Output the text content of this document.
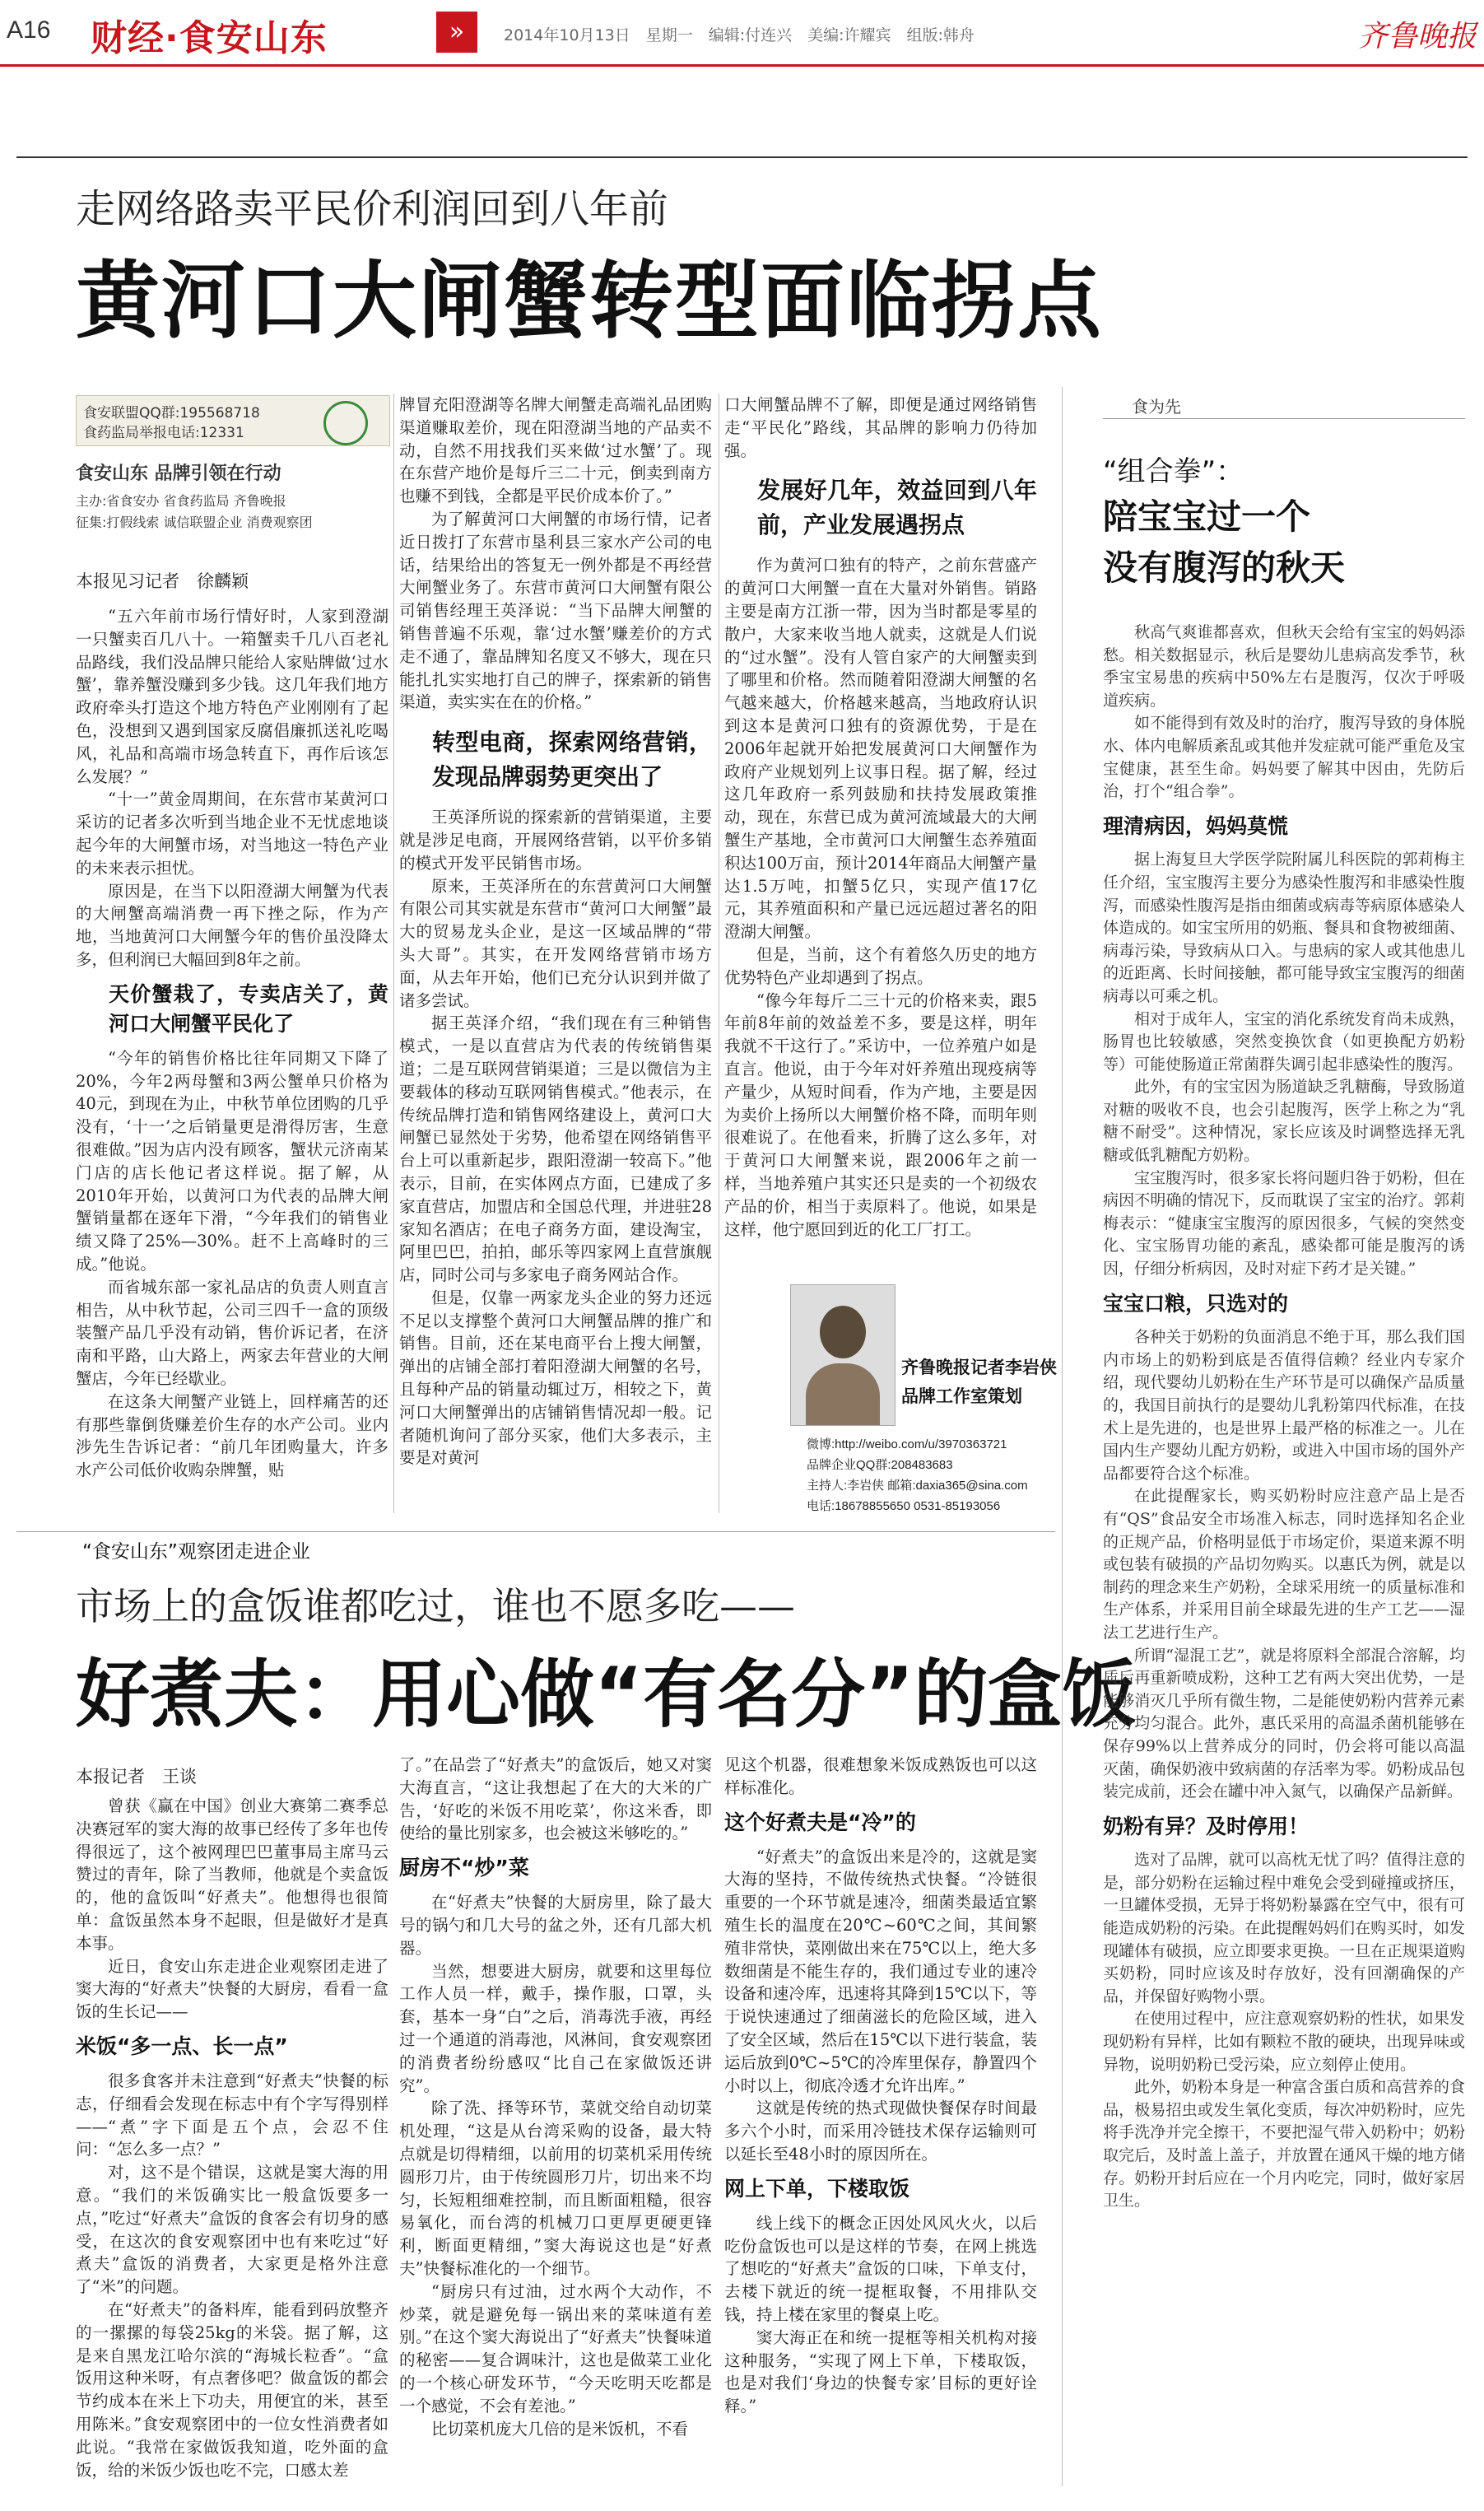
A16 财经·食安山东	»	2014年10月13日　星期一　编辑:付连兴　美编:许耀宾　组版:韩舟	齐鲁晚报
走网络路卖平民价利润回到八年前
黄河口大闸蟹转型面临拐点
食安联盟QQ群:195568718
食药监局举报电话:12331
食安山东 品牌引领在行动
主办:省食安办 省食药监局 齐鲁晚报
征集:打假线索 诚信联盟企业 消费观察团
本报见习记者　徐麟颖

“五六年前市场行情好时，人家到澄湖一只蟹卖百几八十。一箱蟹卖千几八百老礼品路线，我们没品牌只能给人家贴牌做‘过水蟹’，靠养蟹没赚到多少钱。这几年我们地方政府牵头打造这个地方特色产业刚刚有了起色，没想到又遇到国家反腐倡廉抓送礼吃喝风，礼品和高端市场急转直下，再作后该怎么发展？”

“十一”黄金周期间，在东营市某黄河口采访的记者多次听到当地企业不无忧虑地谈起今年的大闸蟹市场，对当地这一特色产业的未来表示担忧。

原因是，在当下以阳澄湖大闸蟹为代表的大闸蟹高端消费一再下挫之际，作为产地，当地黄河口大闸蟹今年的售价虽没降太多，但利润已大幅回到8年之前。

天价蟹栽了，专卖店关了，黄河口大闸蟹平民化了

“今年的销售价格比往年同期又下降了20%，今年2两母蟹和3两公蟹单只价格为40元，到现在为止，中秋节单位团购的几乎没有，‘十一’之后销量更是滑得厉害，生意很难做。”因为店内没有顾客，蟹状元济南某门店的店长他记者这样说。据了解，从2010年开始，以黄河口为代表的品牌大闸蟹销量都在逐年下滑，“今年我们的销售业绩又降了25%—30%。赶不上高峰时的三成。”他说。

而省城东部一家礼品店的负责人则直言相告，从中秋节起，公司三四千一盒的顶级装蟹产品几乎没有动销，售价诉记者，在济南和平路，山大路上，两家去年营业的大闸蟹店，今年已经歇业。

在这条大闸蟹产业链上，回样痛苦的还有那些靠倒货赚差价生存的水产公司。业内涉先生告诉记者：“前几年团购量大，许多水产公司低价收购杂牌蟹，贴

牌冒充阳澄湖等名牌大闸蟹走高端礼品团购渠道赚取差价，现在阳澄湖当地的产品卖不动，自然不用找我们买来做‘过水蟹’了。现在东营产地价是每斤三二十元，倒卖到南方也赚不到钱，全都是平民价成本价了。”

为了解黄河口大闸蟹的市场行情，记者近日拨打了东营市垦利县三家水产公司的电话，结果给出的答复无一例外都是不再经营大闸蟹业务了。东营市黄河口大闸蟹有限公司销售经理王英泽说：“当下品牌大闸蟹的销售普遍不乐观，靠‘过水蟹’赚差价的方式走不通了，靠品牌知名度又不够大，现在只能扎扎实实地打自己的牌子，探索新的销售渠道，卖实实在在的价格。”

转型电商，探索网络营销，发现品牌弱势更突出了

王英泽所说的探索新的营销渠道，主要就是涉足电商，开展网络营销，以平价多销的模式开发平民销售市场。

原来，王英泽所在的东营黄河口大闸蟹有限公司其实就是东营市“黄河口大闸蟹”最大的贸易龙头企业，是这一区域品牌的“带头大哥”。其实，在开发网络营销市场方面，从去年开始，他们已充分认识到并做了诸多尝试。

据王英泽介绍，“我们现在有三种销售模式，一是以直营店为代表的传统销售渠道；二是互联网营销渠道；三是以微信为主要载体的移动互联网销售模式。”他表示，在传统品牌打造和销售网络建设上，黄河口大闸蟹已显然处于劣势，他希望在网络销售平台上可以重新起步，跟阳澄湖一较高下。”他表示，目前，在实体网点方面，已建成了多家直营店，加盟店和全国总代理，并进驻28家知名酒店；在电子商务方面，建设淘宝，阿里巴巴，拍拍，邮乐等四家网上直营旗舰店，同时公司与多家电子商务网站合作。

但是，仅靠一两家龙头企业的努力还远不足以支撑整个黄河口大闸蟹品牌的推广和销售。目前，还在某电商平台上搜大闸蟹，弹出的店铺全部打着阳澄湖大闸蟹的名号，且每种产品的销量动辄过万，相较之下，黄河口大闸蟹弹出的店铺销售情况却一般。记者随机询问了部分买家，他们大多表示，主要是对黄河

口大闸蟹品牌不了解，即便是通过网络销售走“平民化”路线，其品牌的影响力仍待加强。

发展好几年，效益回到八年前，产业发展遇拐点

作为黄河口独有的特产，之前东营盛产的黄河口大闸蟹一直在大量对外销售。销路主要是南方江浙一带，因为当时都是零星的散户，大家来收当地人就卖，这就是人们说的“过水蟹”。没有人管自家产的大闸蟹卖到了哪里和价格。然而随着阳澄湖大闸蟹的名气越来越大，价格越来越高，当地政府认识到这本是黄河口独有的资源优势，于是在2006年起就开始把发展黄河口大闸蟹作为政府产业规划列上议事日程。据了解，经过这几年政府一系列鼓励和扶持发展政策推动，现在，东营已成为黄河流域最大的大闸蟹生产基地，全市黄河口大闸蟹生态养殖面积达100万亩，预计2014年商品大闸蟹产量达1.5万吨，扣蟹5亿只，实现产值17亿元，其养殖面积和产量已远远超过著名的阳澄湖大闸蟹。

但是，当前，这个有着悠久历史的地方优势特色产业却遇到了拐点。

“像今年每斤二三十元的价格来卖，跟5年前8年前的效益差不多，要是这样，明年我就不干这行了。”采访中，一位养殖户如是直言。他说，由于今年对奸养殖出现疫病等产量少，从短时间看，作为产地，主要是因为卖价上扬所以大闸蟹价格不降，而明年则很难说了。在他看来，折腾了这么多年，对于黄河口大闸蟹来说，跟2006年之前一样，当地养殖户其实还只是卖的一个初级农产品的价，相当于卖原料了。他说，如果是这样，他宁愿回到近的化工厂打工。

齐鲁晚报记者李岩侠
品牌工作室策划
微博:http://weibo.com/u/3970363721
品牌企业QQ群:208483683
主持人:李岩侠 邮箱:daxia365@sina.com
电话:18678855650 0531-85193056
“食安山东”观察团走进企业
市场上的盒饭谁都吃过，谁也不愿多吃——
好煮夫：用心做“有名分”的盒饭
本报记者　王谈

曾获《赢在中国》创业大赛第二赛季总决赛冠军的窦大海的故事已经传了多年也传得很远了，这个被网理巴巴董事局主席马云赞过的青年，除了当教师，他就是个卖盒饭的，他的盒饭叫“好煮夫”。他想得也很简单：盒饭虽然本身不起眼，但是做好才是真本事。

近日，食安山东走进企业观察团走进了窦大海的“好煮夫”快餐的大厨房，看看一盒饭的生长记——

米饭“多一点、长一点”

很多食客并未注意到“好煮夫”快餐的标志，仔细看会发现在标志中有个字写得别样——“煮”字下面是五个点，会忍不住问：“怎么多一点？”

对，这不是个错误，这就是窦大海的用意。“我们的米饭确实比一般盒饭要多一点，”吃过“好煮夫”盒饭的食客会有切身的感受，在这次的食安观察团中也有来吃过“好煮夫”盒饭的消费者，大家更是格外注意了“米”的问题。

在“好煮夫”的备料库，能看到码放整齐的一摞摞的每袋25kg的米袋。据了解，这是来自黑龙江哈尔滨的“海城长粒香”。“盒饭用这种米呀，有点奢侈吧？做盒饭的都会节约成本在米上下功夫，用便宜的米，甚至用陈米。”食安观察团中的一位女性消费者如此说。“我常在家做饭我知道，吃外面的盒饭，给的米饭少饭也吃不完，口感太差

了。”在品尝了“好煮夫”的盒饭后，她又对窦大海直言，“这让我想起了在大的大米的广告，‘好吃的米饭不用吃菜’，你这米香，即使给的量比别家多，也会被这米够吃的。”

厨房不“炒”菜

在“好煮夫”快餐的大厨房里，除了最大号的锅勺和几大号的盆之外，还有几部大机器。

当然，想要进大厨房，就要和这里每位工作人员一样，戴手，操作服，口罩，头套，基本一身“白”之后，消毒洗手液，再经过一个通道的消毒池，风淋间，食安观察团的消费者纷纷感叹“比自己在家做饭还讲究”。

除了洗、择等环节，菜就交给自动切菜机处理，“这是从台湾采购的设备，最大特点就是切得精细，以前用的切菜机采用传统圆形刀片，由于传统圆形刀片，切出来不均匀，长短粗细难控制，而且断面粗糙，很容易氧化，而台湾的机械刀口更厚更硬更锋利，断面更精细，”窦大海说这也是“好煮夫”快餐标准化的一个细节。

“厨房只有过油，过水两个大动作，不炒菜，就是避免每一锅出来的菜味道有差别。”在这个窦大海说出了“好煮夫”快餐味道的秘密——复合调味汁，这也是做菜工业化的一个核心研发环节，“今天吃明天吃都是一个感觉，不会有差池。”

比切菜机庞大几倍的是米饭机，不看

见这个机器，很难想象米饭成熟饭也可以这样标准化。

这个好煮夫是“冷”的

“好煮夫”的盒饭出来是冷的，这就是窦大海的坚持，不做传统热式快餐。“冷链很重要的一个环节就是速冷，细菌类最适宜繁殖生长的温度在20℃~60℃之间，其间繁殖非常快，菜刚做出来在75℃以上，绝大多数细菌是不能生存的，我们通过专业的速冷设备和速冷库，迅速将其降到15℃以下，等于说快速通过了细菌滋长的危险区域，进入了安全区域，然后在15℃以下进行装盒，装运后放到0℃~5℃的冷库里保存，静置四个小时以上，彻底冷透才允许出库。”

这就是传统的热式现做快餐保存时间最多六个小时，而采用冷链技术保存运输则可以延长至48小时的原因所在。

网上下单，下楼取饭

线上线下的概念正因处风风火火，以后吃份盒饭也可以是这样的节奏，在网上挑选了想吃的“好煮夫”盒饭的口味，下单支付，去楼下就近的统一提框取餐，不用排队交钱，持上楼在家里的餐桌上吃。

窦大海正在和统一提框等相关机构对接这种服务，“实现了网上下单，下楼取饭，也是对我们‘身边的快餐专家’目标的更好诠释。”

食为先
“组合拳”：
陪宝宝过一个
没有腹泻的秋天

秋高气爽谁都喜欢，但秋天会给有宝宝的妈妈添愁。相关数据显示，秋后是婴幼儿患病高发季节，秋季宝宝易患的疾病中50%左右是腹泻，仅次于呼吸道疾病。

如不能得到有效及时的治疗，腹泻导致的身体脱水、体内电解质紊乱或其他并发症就可能严重危及宝宝健康，甚至生命。妈妈要了解其中因由，先防后治，打个“组合拳”。

理清病因，妈妈莫慌

据上海复旦大学医学院附属儿科医院的郭莉梅主任介绍，宝宝腹泻主要分为感染性腹泻和非感染性腹泻，而感染性腹泻是指由细菌或病毒等病原体感染人体造成的。如宝宝所用的奶瓶、餐具和食物被细菌、病毒污染，导致病从口入。与患病的家人或其他患儿的近距离、长时间接触，都可能导致宝宝腹泻的细菌病毒以可乘之机。

相对于成年人，宝宝的消化系统发育尚未成熟，肠胃也比较敏感，突然变换饮食（如更换配方奶粉等）可能使肠道正常菌群失调引起非感染性的腹泻。

此外，有的宝宝因为肠道缺乏乳糖酶，导致肠道对糖的吸收不良，也会引起腹泻，医学上称之为“乳糖不耐受”。这种情况，家长应该及时调整选择无乳糖或低乳糖配方奶粉。

宝宝腹泻时，很多家长将问题归咎于奶粉，但在病因不明确的情况下，反而耽误了宝宝的治疗。郭莉梅表示：“健康宝宝腹泻的原因很多，气候的突然变化、宝宝肠胃功能的紊乱，感染都可能是腹泻的诱因，仔细分析病因，及时对症下药才是关键。”

宝宝口粮，只选对的

各种关于奶粉的负面消息不绝于耳，那么我们国内市场上的奶粉到底是否值得信赖？经业内专家介绍，现代婴幼儿奶粉在生产环节是可以确保产品质量的，我国目前执行的是婴幼儿乳粉第四代标准，在技术上是先进的，也是世界上最严格的标准之一。儿在国内生产婴幼儿配方奶粉，或进入中国市场的国外产品都要符合这个标准。

在此提醒家长，购买奶粉时应注意产品上是否有“QS”食品安全市场准入标志，同时选择知名企业的正规产品，价格明显低于市场定价，渠道来源不明或包装有破损的产品切勿购买。以惠氏为例，就是以制药的理念来生产奶粉，全球采用统一的质量标准和生产体系，并采用目前全球最先进的生产工艺——湿法工艺进行生产。

所谓“湿混工艺”，就是将原料全部混合溶解，均质后再重新喷成粉，这种工艺有两大突出优势，一是能够消灭几乎所有微生物，二是能使奶粉内营养元素充分均匀混合。此外，惠氏采用的高温杀菌机能够在保存99%以上营养成分的同时，仍会将可能以高温灭菌，确保奶液中致病菌的存活率为零。奶粉成品包装完成前，还会在罐中冲入氮气，以确保产品新鲜。

奶粉有异？及时停用！

选对了品牌，就可以高枕无忧了吗？值得注意的是，部分奶粉在运输过程中难免会受到碰撞或挤压，一旦罐体受损，无异于将奶粉暴露在空气中，很有可能造成奶粉的污染。在此提醒妈妈们在购买时，如发现罐体有破损，应立即要求更换。一旦在正规渠道购买奶粉，同时应该及时存放好，没有回潮确保的产品，并保留好购物小票。

在使用过程中，应注意观察奶粉的性状，如果发现奶粉有异样，比如有颗粒不散的硬块，出现异味或异物，说明奶粉已受污染，应立刻停止使用。

此外，奶粉本身是一种富含蛋白质和高营养的食品，极易招虫或发生氧化变质，每次冲奶粉时，应先将手洗净并完全擦干，不要把湿气带入奶粉中；奶粉取完后，及时盖上盖子，并放置在通风干燥的地方储存。奶粉开封后应在一个月内吃完，同时，做好家居卫生。
